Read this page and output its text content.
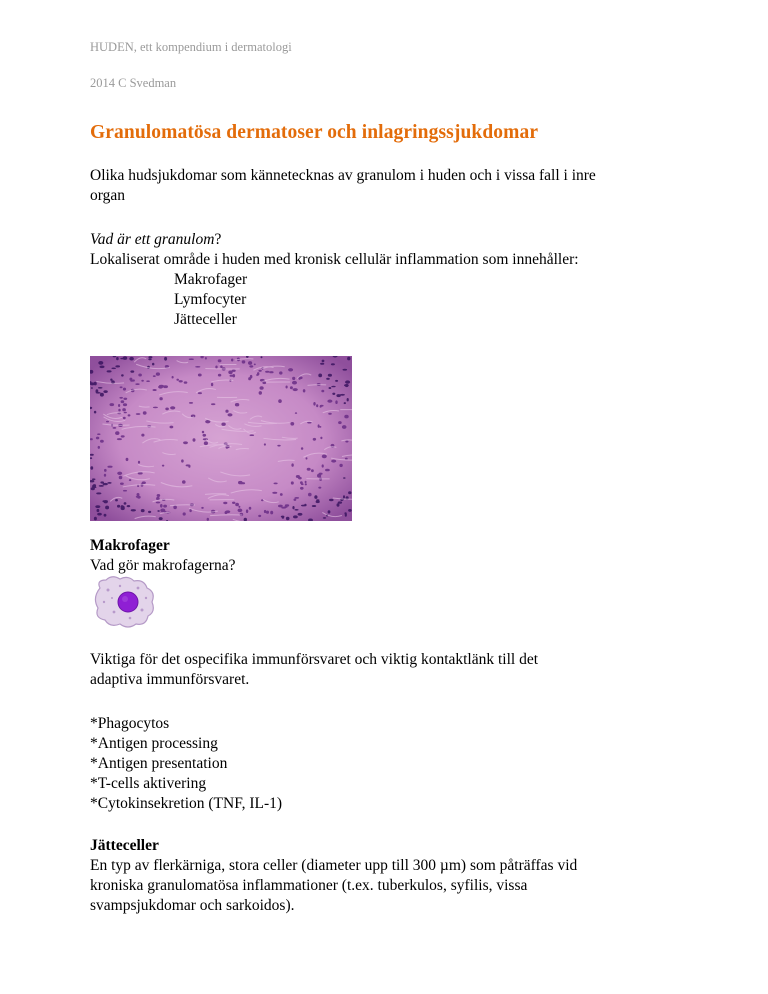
HUDEN, ett kompendium i dermatologi
2014 C Svedman
Granulomatösa dermatoser och inlagringssjukdomar
Olika hudsjukdomar som kännetecknas av granulom i huden och i vissa fall i inre
organ
Vad är ett granulom?
Lokaliserat område i huden med kronisk cellulär inflammation som innehåller:
Makrofager
Lymfocyter
Jätteceller
Makrofager
Vad gör makrofagerna?
Viktiga för det ospecifika immunförsvaret och viktig kontaktlänk till det
adaptiva immunförsvaret.
*Phagocytos
*Antigen processing
*Antigen presentation
*T-cells aktivering
*Cytokinsekretion (TNF, IL-1)
Jätteceller
En typ av flerkärniga, stora celler (diameter upp till 300 µm) som påträffas vid
kroniska granulomatösa inflammationer (t.ex. tuberkulos, syfilis, vissa
svampsjukdomar och sarkoidos).
